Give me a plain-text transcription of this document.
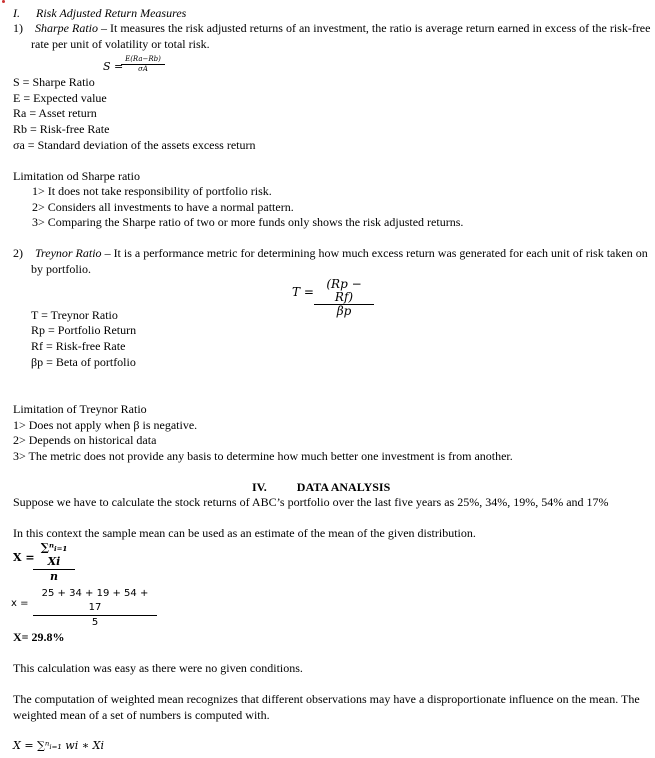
I. Risk Adjusted Return Measures
1) Sharpe Ratio – It measures the risk adjusted returns of an investment, the ratio is average return earned in excess of the risk-free
rate per unit of volatility or total risk.
S =
E(Ra−Rb)
σA
S = Sharpe Ratio
E = Expected value
Ra = Asset return
Rb = Risk-free Rate
σa = Standard deviation of the assets excess return
Limitation od Sharpe ratio
1> It does not take responsibility of portfolio risk.
2> Considers all investments to have a normal pattern.
3> Comparing the Sharpe ratio of two or more funds only shows the risk adjusted returns.
2) Treynor Ratio – It is a performance metric for determining how much excess return was generated for each unit of risk taken on
by portfolio.
T =
(Rp − Rf)
βp
T = Treynor Ratio
Rp = Portfolio Return
Rf = Risk-free Rate
βp = Beta of portfolio
Limitation of Treynor Ratio
1> Does not apply when β is negative.
2> Depends on historical data
3> The metric does not provide any basis to determine how much better one investment is from another.
IV.	DATA ANALYSIS
Suppose we have to calculate the stock returns of ABC’s portfolio over the last five years as 25%, 34%, 19%, 54% and 17%
In this context the sample mean can be used as an estimate of the mean of the given distribution.
X =
∑ⁿᵢ₌₁ Xi
n
x =
25 + 34 + 19 + 54 + 17
5
X= 29.8%
This calculation was easy as there were no given conditions.
The computation of weighted mean recognizes that different observations may have a disproportionate influence on the mean. The
weighted mean of a set of numbers is computed with.
X = ∑ⁿᵢ₌₁ wi ∗ Xi
